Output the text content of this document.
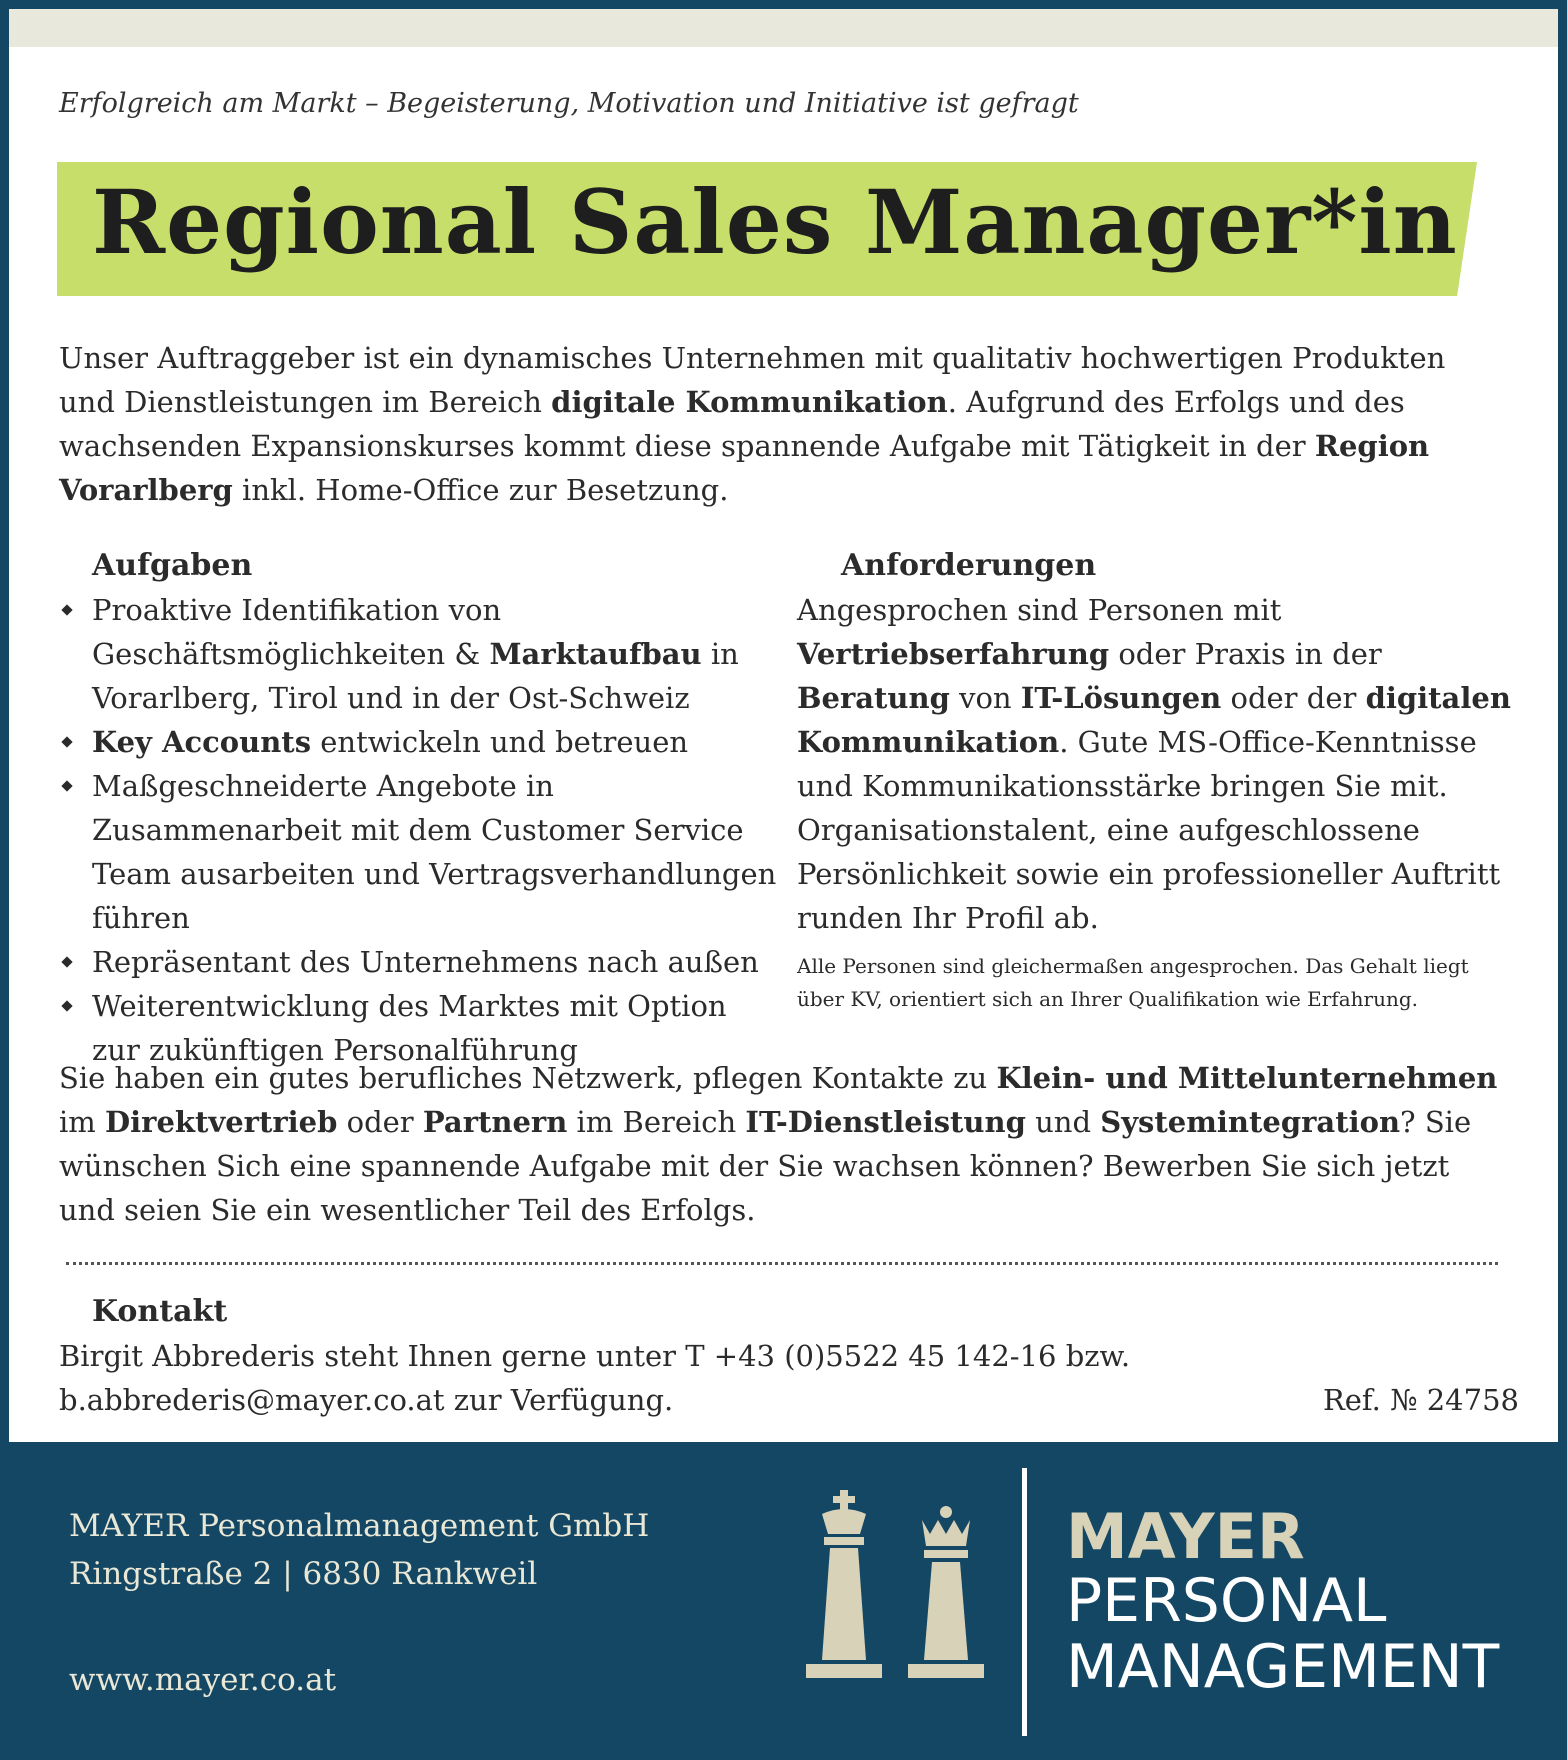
Erfolgreich am Markt – Begeisterung, Motivation und Initiative ist gefragt
Regional Sales Manager*in
Unser Auftraggeber ist ein dynamisches Unternehmen mit qualitativ hochwertigen Produkten und Dienstleistungen im Bereich digitale Kommunikation. Aufgrund des Erfolgs und des wachsenden Expansionskurses kommt diese spannende Aufgabe mit Tätigkeit in der Region Vorarlberg inkl. Home-Office zur Besetzung.
Aufgaben
Proaktive Identifikation von Geschäftsmöglichkeiten & Marktaufbau in Vorarlberg, Tirol und in der Ost-Schweiz
Key Accounts entwickeln und betreuen
Maßgeschneiderte Angebote in Zusammenarbeit mit dem Customer Service Team ausarbeiten und Vertragsverhandlungen führen
Repräsentant des Unternehmens nach außen
Weiterentwicklung des Marktes mit Option zur zukünftigen Personalführung
Anforderungen
Angesprochen sind Personen mit Vertriebserfahrung oder Praxis in der Beratung von IT-Lösungen oder der digitalen Kommunikation. Gute MS-Office-Kenntnisse und Kommunikationsstärke bringen Sie mit. Organisationstalent, eine aufgeschlossene Persönlichkeit sowie ein professioneller Auftritt runden Ihr Profil ab.
Alle Personen sind gleichermaßen angesprochen. Das Gehalt liegt über KV, orientiert sich an Ihrer Qualifikation wie Erfahrung.
Sie haben ein gutes berufliches Netzwerk, pflegen Kontakte zu Klein- und Mittelunternehmen im Direktvertrieb oder Partnern im Bereich IT-Dienstleistung und Systemintegration? Sie wünschen Sich eine spannende Aufgabe mit der Sie wachsen können? Bewerben Sie sich jetzt und seien Sie ein wesentlicher Teil des Erfolgs.
Kontakt
Birgit Abbrederis steht Ihnen gerne unter T +43 (0)5522 45 142-16 bzw.
b.abbrederis@mayer.co.at zur Verfügung.	Ref. № 24758
MAYER Personalmanagement GmbH
Ringstraße 2 | 6830 Rankweil
www.mayer.co.at
MAYER
PERSONAL
MANAGEMENT
